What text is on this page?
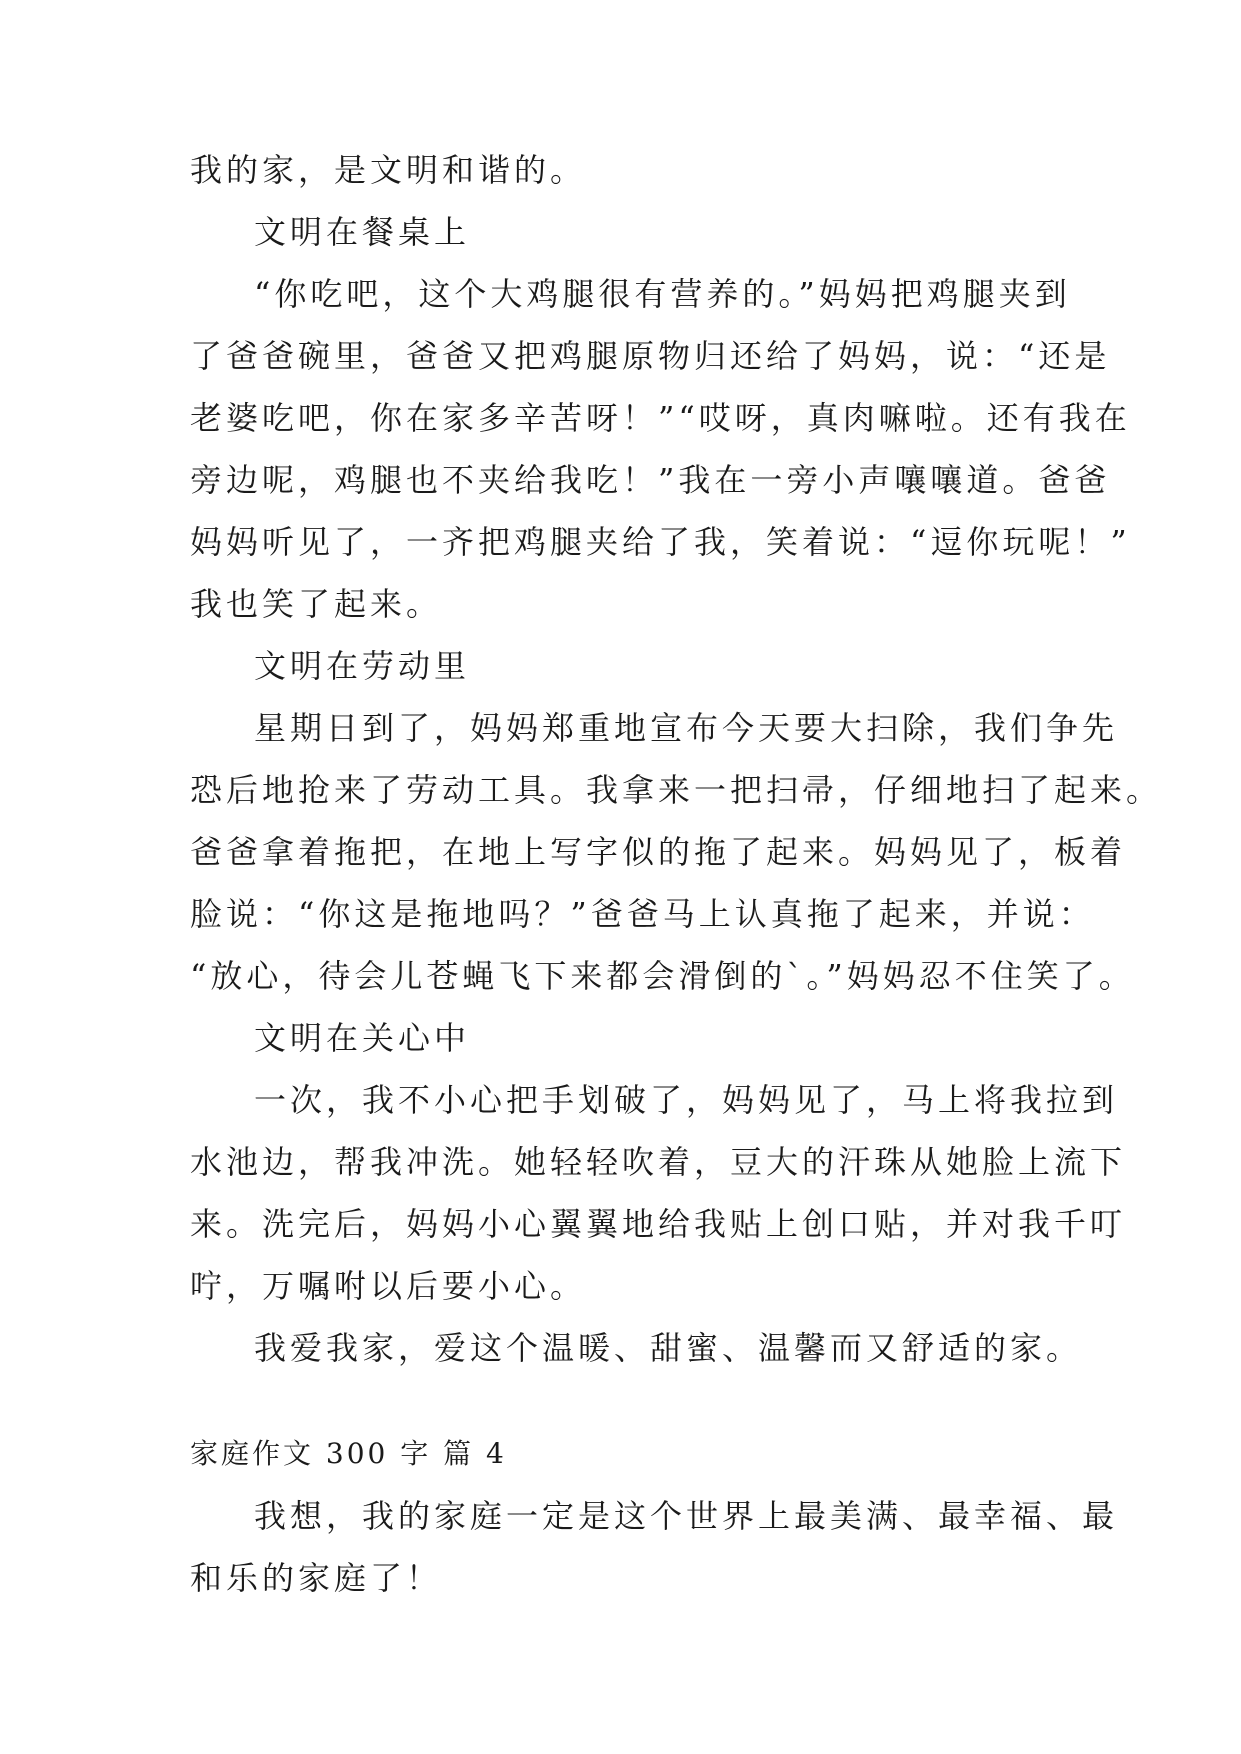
我的家，是文明和谐的。
文明在餐桌上
“你吃吧，这个大鸡腿很有营养的。”妈妈把鸡腿夹到
了爸爸碗里，爸爸又把鸡腿原物归还给了妈妈，说：“还是
老婆吃吧，你在家多辛苦呀！”“哎呀，真肉嘛啦。还有我在
旁边呢，鸡腿也不夹给我吃！”我在一旁小声嚷嚷道。爸爸
妈妈听见了，一齐把鸡腿夹给了我，笑着说：“逗你玩呢！”
我也笑了起来。
文明在劳动里
星期日到了，妈妈郑重地宣布今天要大扫除，我们争先
恐后地抢来了劳动工具。我拿来一把扫帚，仔细地扫了起来。
爸爸拿着拖把，在地上写字似的拖了起来。妈妈见了，板着
脸说：“你这是拖地吗？”爸爸马上认真拖了起来，并说：
“放心，待会儿苍蝇飞下来都会滑倒的`。”妈妈忍不住笑了。
文明在关心中
一次，我不小心把手划破了，妈妈见了，马上将我拉到
水池边，帮我冲洗。她轻轻吹着，豆大的汗珠从她脸上流下
来。洗完后，妈妈小心翼翼地给我贴上创口贴，并对我千叮
咛，万嘱咐以后要小心。
我爱我家，爱这个温暖、甜蜜、温馨而又舒适的家。
家庭作文 300 字 篇 4
我想，我的家庭一定是这个世界上最美满、最幸福、最
和乐的家庭了！
